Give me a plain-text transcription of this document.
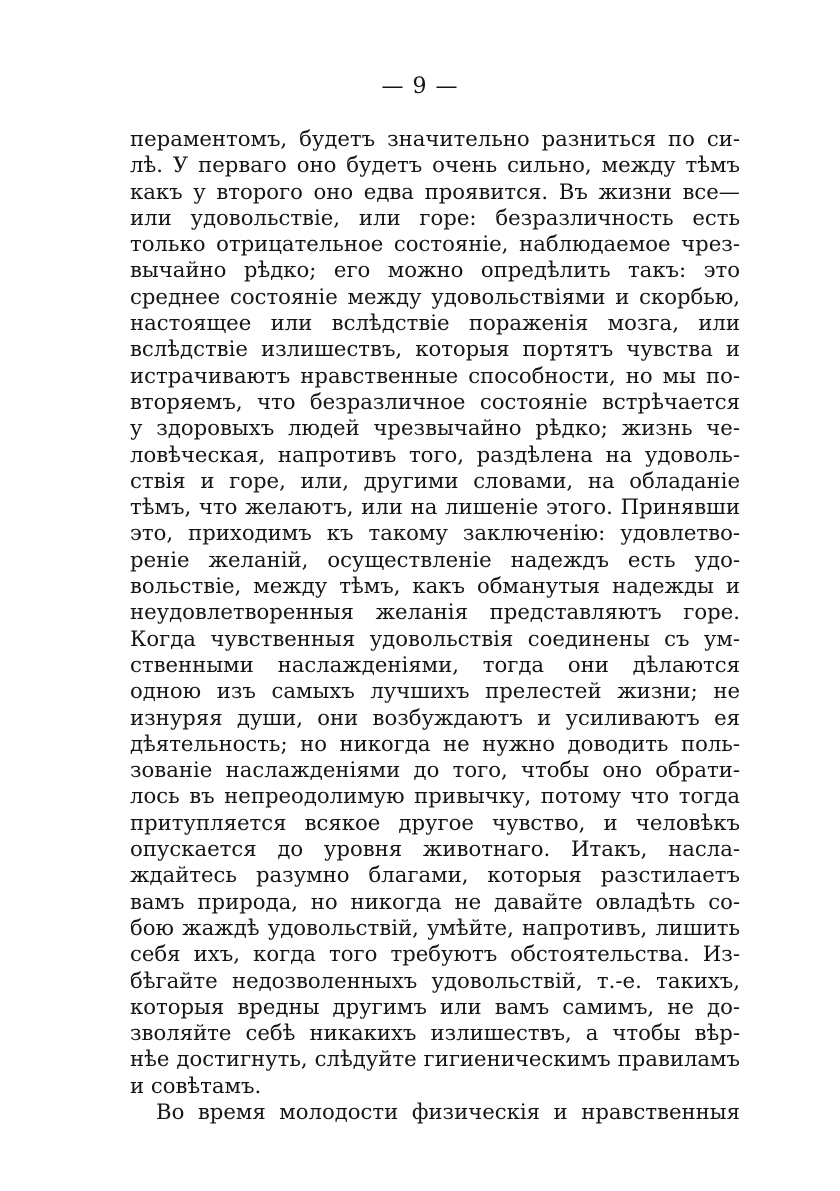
— 9 —
пераментомъ, будетъ значительно разниться по си-
лѣ. У перваго оно будетъ очень сильно, между тѣмъ
какъ у второго оно едва проявится. Въ жизни все—
или удовольствіе, или горе: безразличность есть
только отрицательное состояніе, наблюдаемое чрез-
вычайно рѣдко; его можно опредѣлить такъ: это
среднее состояніе между удовольствіями и скорбью,
настоящее или вслѣдствіе пораженія мозга, или
вслѣдствіе излишествъ, которыя портятъ чувства и
истрачиваютъ нравственные способности, но мы по-
вторяемъ, что безразличное состояніе встрѣчается
у здоровыхъ людей чрезвычайно рѣдко; жизнь че-
ловѣческая, напротивъ того, раздѣлена на удоволь-
ствія и горе, или, другими словами, на обладаніе
тѣмъ, что желаютъ, или на лишеніе этого. Принявши
это, приходимъ къ такому заключенію: удовлетво-
реніе желаній, осуществленіе надеждъ есть удо-
вольствіе, между тѣмъ, какъ обманутыя надежды и
неудовлетворенныя желанія представляютъ горе.
Когда чувственныя удовольствія соединены съ ум-
ственными наслажденіями, тогда они дѣлаются
одною изъ самыхъ лучшихъ прелестей жизни; не
изнуряя души, они возбуждаютъ и усиливаютъ ея
дѣятельность; но никогда не нужно доводить поль-
зованіе наслажденіями до того, чтобы оно обрати-
лось въ непреодолимую привычку, потому что тогда
притупляется всякое другое чувство, и человѣкъ
опускается до уровня животнаго. Итакъ, насла-
ждайтесь разумно благами, которыя разстилаетъ
вамъ природа, но никогда не давайте овладѣть со-
бою жаждѣ удовольствій, умѣйте, напротивъ, лишить
себя ихъ, когда того требуютъ обстоятельства. Из-
бѣгайте недозволенныхъ удовольствій, т.-е. такихъ,
которыя вредны другимъ или вамъ самимъ, не до-
зволяйте себѣ никакихъ излишествъ, а чтобы вѣр-
нѣе достигнуть, слѣдуйте гигиеническимъ правиламъ
и совѣтамъ.
Во время молодости физическія и нравственныя
